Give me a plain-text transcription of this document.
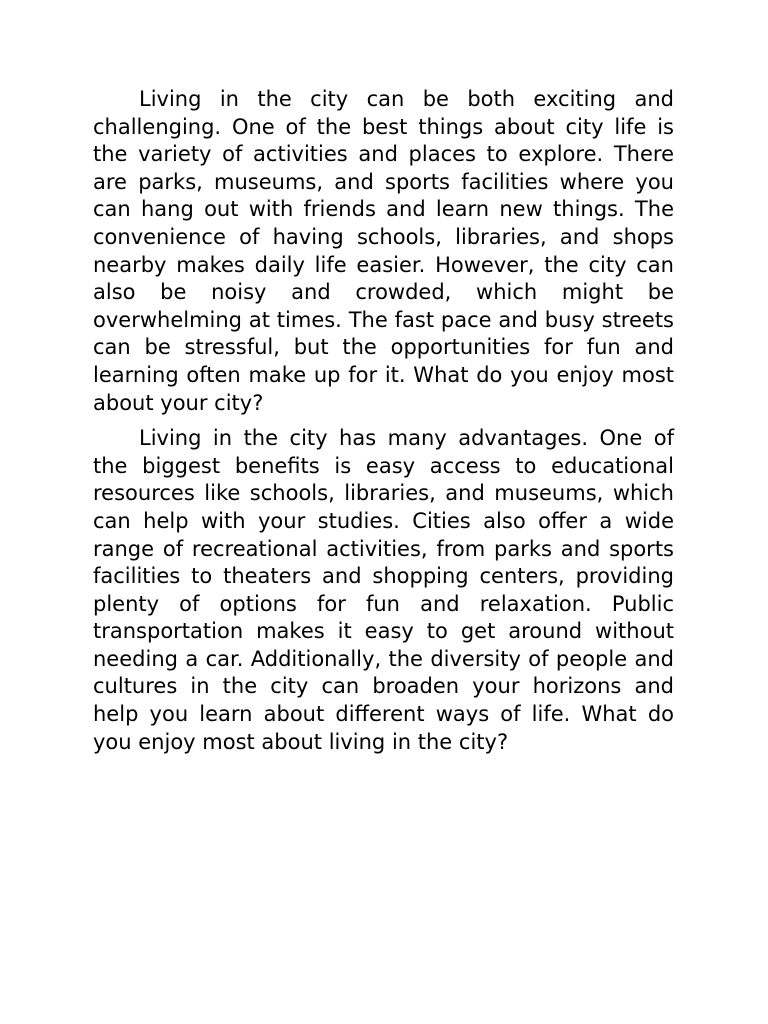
Living in the city can be both exciting and challenging. One of the best things about city life is the variety of activities and places to explore. There are parks, museums, and sports facilities where you can hang out with friends and learn new things. The convenience of having schools, libraries, and shops nearby makes daily life easier. However, the city can also be noisy and crowded, which might be overwhelming at times. The fast pace and busy streets can be stressful, but the opportunities for fun and learning often make up for it. What do you enjoy most about your city?

Living in the city has many advantages. One of the biggest benefits is easy access to educational resources like schools, libraries, and museums, which can help with your studies. Cities also offer a wide range of recreational activities, from parks and sports facilities to theaters and shopping centers, providing plenty of options for fun and relaxation. Public transportation makes it easy to get around without needing a car. Additionally, the diversity of people and cultures in the city can broaden your horizons and help you learn about different ways of life. What do you enjoy most about living in the city?
